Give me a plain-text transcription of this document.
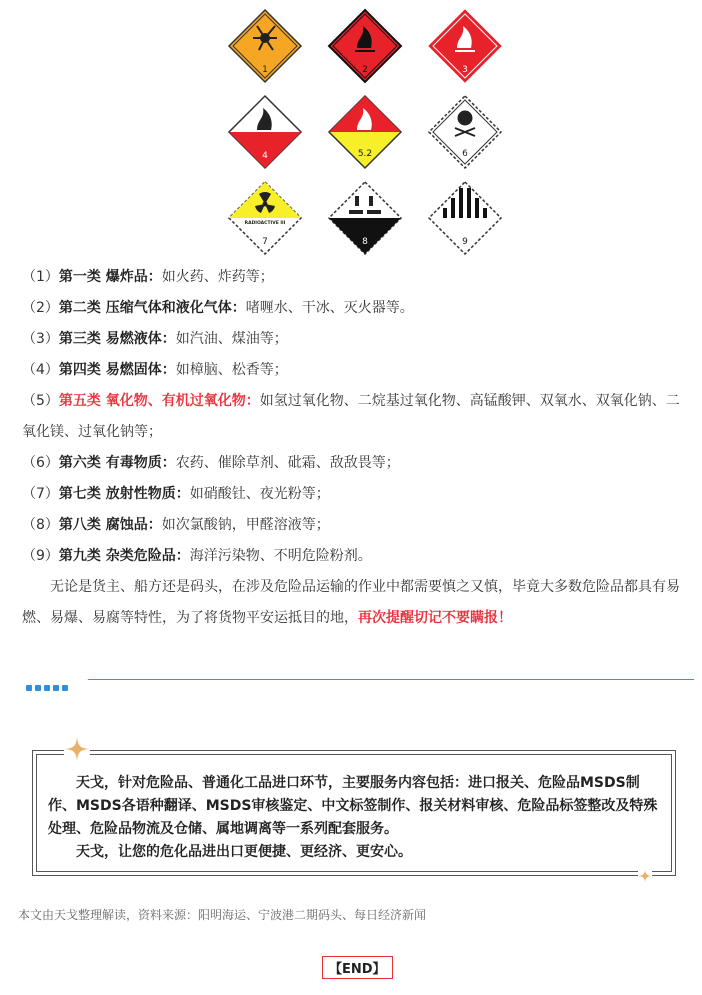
1	2	3
4	5.2	6
RADIOACTIVE III
7	8	9

（1）第一类 爆炸品：如火药、炸药等；

（2）第二类 压缩气体和液化气体：啫喱水、干冰、灭火器等。

（3）第三类 易燃液体：如汽油、煤油等；

（4）第四类 易燃固体：如樟脑、松香等；

（5）第五类 氧化物、有机过氧化物：如氢过氧化物、二烷基过氧化物、高锰酸钾、双氧水、双氧化钠、二氧化镁、过氧化钠等；

（6）第六类 有毒物质：农药、催除草剂、砒霜、敌敌畏等；

（7）第七类 放射性物质：如硝酸钍、夜光粉等；

（8）第八类 腐蚀品：如次氯酸钠，甲醛溶液等；

（9）第九类 杂类危险品：海洋污染物、不明危险粉剂。

无论是货主、船方还是码头，在涉及危险品运输的作业中都需要慎之又慎，毕竟大多数危险品都具有易燃、易爆、易腐等特性，为了将货物平安运抵目的地，再次提醒切记不要瞒报！

天戈，针对危险品、普通化工品进口环节，主要服务内容包括：进口报关、危险品MSDS制作、MSDS各语种翻译、MSDS审核鉴定、中文标签制作、报关材料审核、危险品标签整改及特殊处理、危险品物流及仓储、属地调离等一系列配套服务。
天戈，让您的危化品进出口更便捷、更经济、更安心。
本文由天戈整理解读，资料来源：阳明海运、宁波港二期码头、每日经济新闻
【END】
